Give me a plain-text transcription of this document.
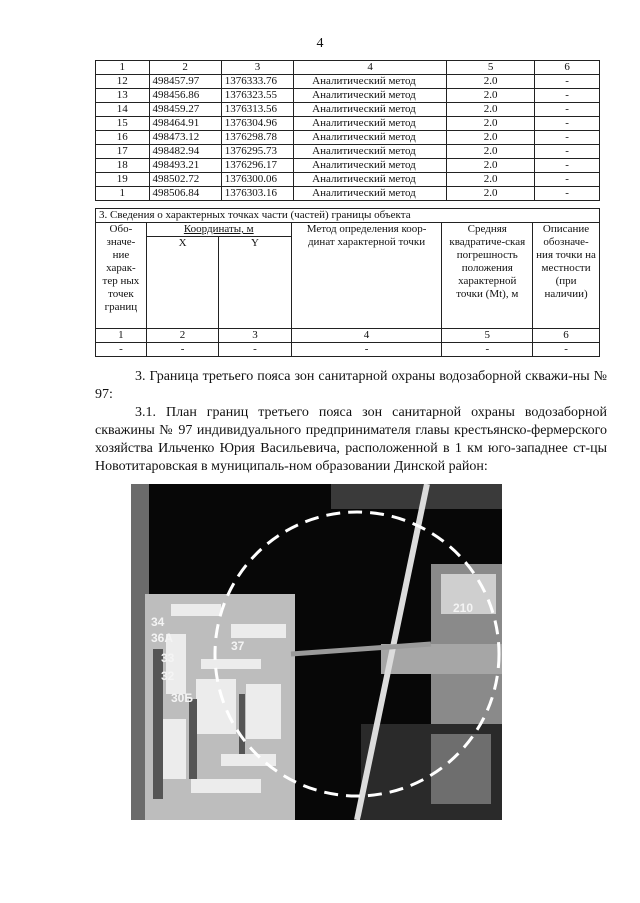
4
1	2	3	4	5	6
12	498457.97	1376333.76	Аналитический метод	2.0	-
13	498456.86	1376323.55	Аналитический метод	2.0	-
14	498459.27	1376313.56	Аналитический метод	2.0	-
15	498464.91	1376304.96	Аналитический метод	2.0	-
16	498473.12	1376298.78	Аналитический метод	2.0	-
17	498482.94	1376295.73	Аналитический метод	2.0	-
18	498493.21	1376296.17	Аналитический метод	2.0	-
19	498502.72	1376300.06	Аналитический метод	2.0	-
1	498506.84	1376303.16	Аналитический метод	2.0	-
3. Сведения о характерных точках части (частей) границы объекта					
Обо-значе-ние харак-тер ных точек границ	Координаты, м		Метод определения коор-динат характерной точки	Средняя квадратиче-ская погрешность положения характерной точки (Мt), м	Описание обозначе-ния точки на местности (при наличии)
	X	Y			
1	2	3	4	5	6
-	-	-	-	-	-
3. Граница третьего пояса зон санитарной охраны водозаборной скважи-ны № 97:
3.1. План границ третьего пояса зон санитарной охраны водозаборной скважины № 97 индивидуального предпринимателя главы крестьянско-фермерского хозяйства Ильченко Юрия Васильевича, расположенной в 1 км юго-западнее ст-цы Новотитаровская в муниципаль-ном образовании Динской район:
34
36А
33
32
30Б
37
210
